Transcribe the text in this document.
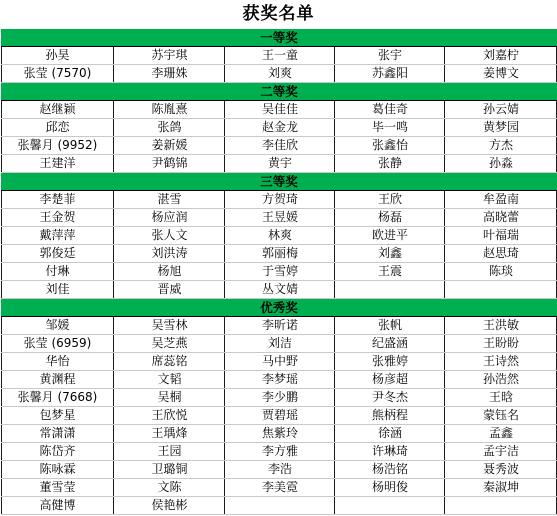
获奖名单
一等奖
孙昊	苏宇琪	王一童	张宇	刘嘉柠
张莹 (7570)	李珊姝	刘爽	苏鑫阳	姜博文
二等奖
赵继颖	陈胤熹	吴佳佳	葛佳奇	孙云婧
邱恋	张鸽	赵金龙	毕一鸣	黄梦园
张馨月 (9952)	姜新媛	李佳欣	张鑫怡	方杰
王建洋	尹鹤锦	黄宇	张静	孙淼
三等奖
李楚菲	湛雪	方贺琦	王欣	牟盈南
王金贺	杨应润	王昱媛	杨磊	高晓蕾
戴萍萍	张人文	林爽	欧进平	叶福瑞
郭俊廷	刘洪涛	郭丽梅	刘鑫	赵思琦
付琳	杨旭	于雪婷	王震	陈琰
刘佳	晋威	丛文婧
优秀奖
邹媛	吴雪林	李昕诺	张帆	王洪敏
张莹 (6959)	吴芝燕	刘洁	纪盛涵	王盼盼
华怡	席蕊铭	马中野	张雅婷	王诗然
黄渊程	文韬	李梦瑶	杨彦超	孙浩然
张馨月 (7668)	吴桐	李少鹏	尹冬杰	王晗
包梦星	王欣悦	贾碧瑶	熊柄程	蒙钰名
常潇潇	王瑀烽	焦紫玲	徐涵	孟鑫
陈岱齐	王园	李方雅	许琳琦	孟宇洁
陈咏霖	卫璐铜	李浩	杨浩铭	聂秀波
董雪莹	文陈	李美霓	杨明俊	秦淑坤
高健博	侯艳彬
